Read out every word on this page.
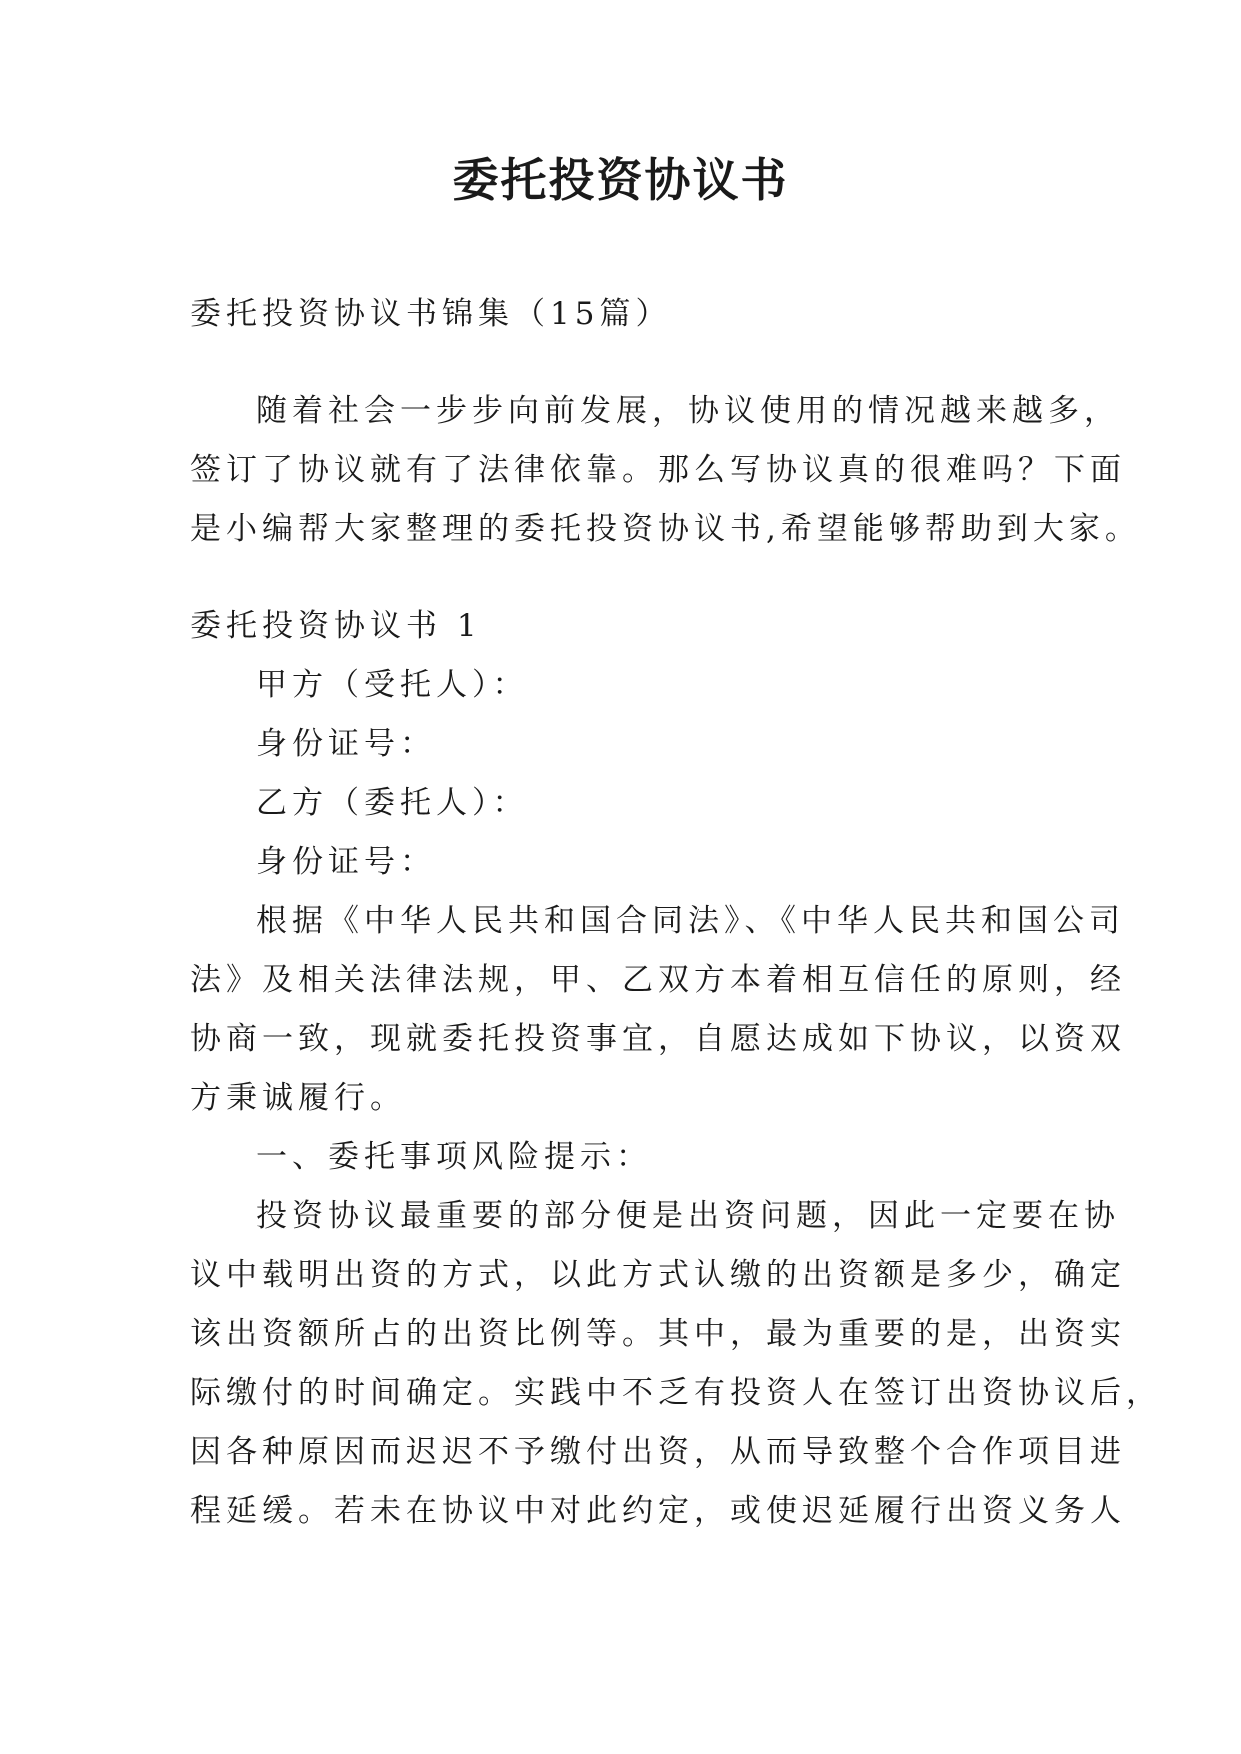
委托投资协议书

委托投资协议书锦集（15篇）

随着社会一步步向前发展，协议使用的情况越来越多，

签订了协议就有了法律依靠。那么写协议真的很难吗？下面

是小编帮大家整理的委托投资协议书,希望能够帮助到大家。

委托投资协议书 1

甲方（受托人）：

身份证号：

乙方（委托人）：

身份证号：

根据《中华人民共和国合同法》、《中华人民共和国公司

法》及相关法律法规，甲、乙双方本着相互信任的原则，经

协商一致，现就委托投资事宜，自愿达成如下协议，以资双

方秉诚履行。

一、委托事项风险提示：

投资协议最重要的部分便是出资问题，因此一定要在协

议中载明出资的方式，以此方式认缴的出资额是多少，确定

该出资额所占的出资比例等。其中，最为重要的是，出资实

际缴付的时间确定。实践中不乏有投资人在签订出资协议后，

因各种原因而迟迟不予缴付出资，从而导致整个合作项目进

程延缓。若未在协议中对此约定，或使迟延履行出资义务人
